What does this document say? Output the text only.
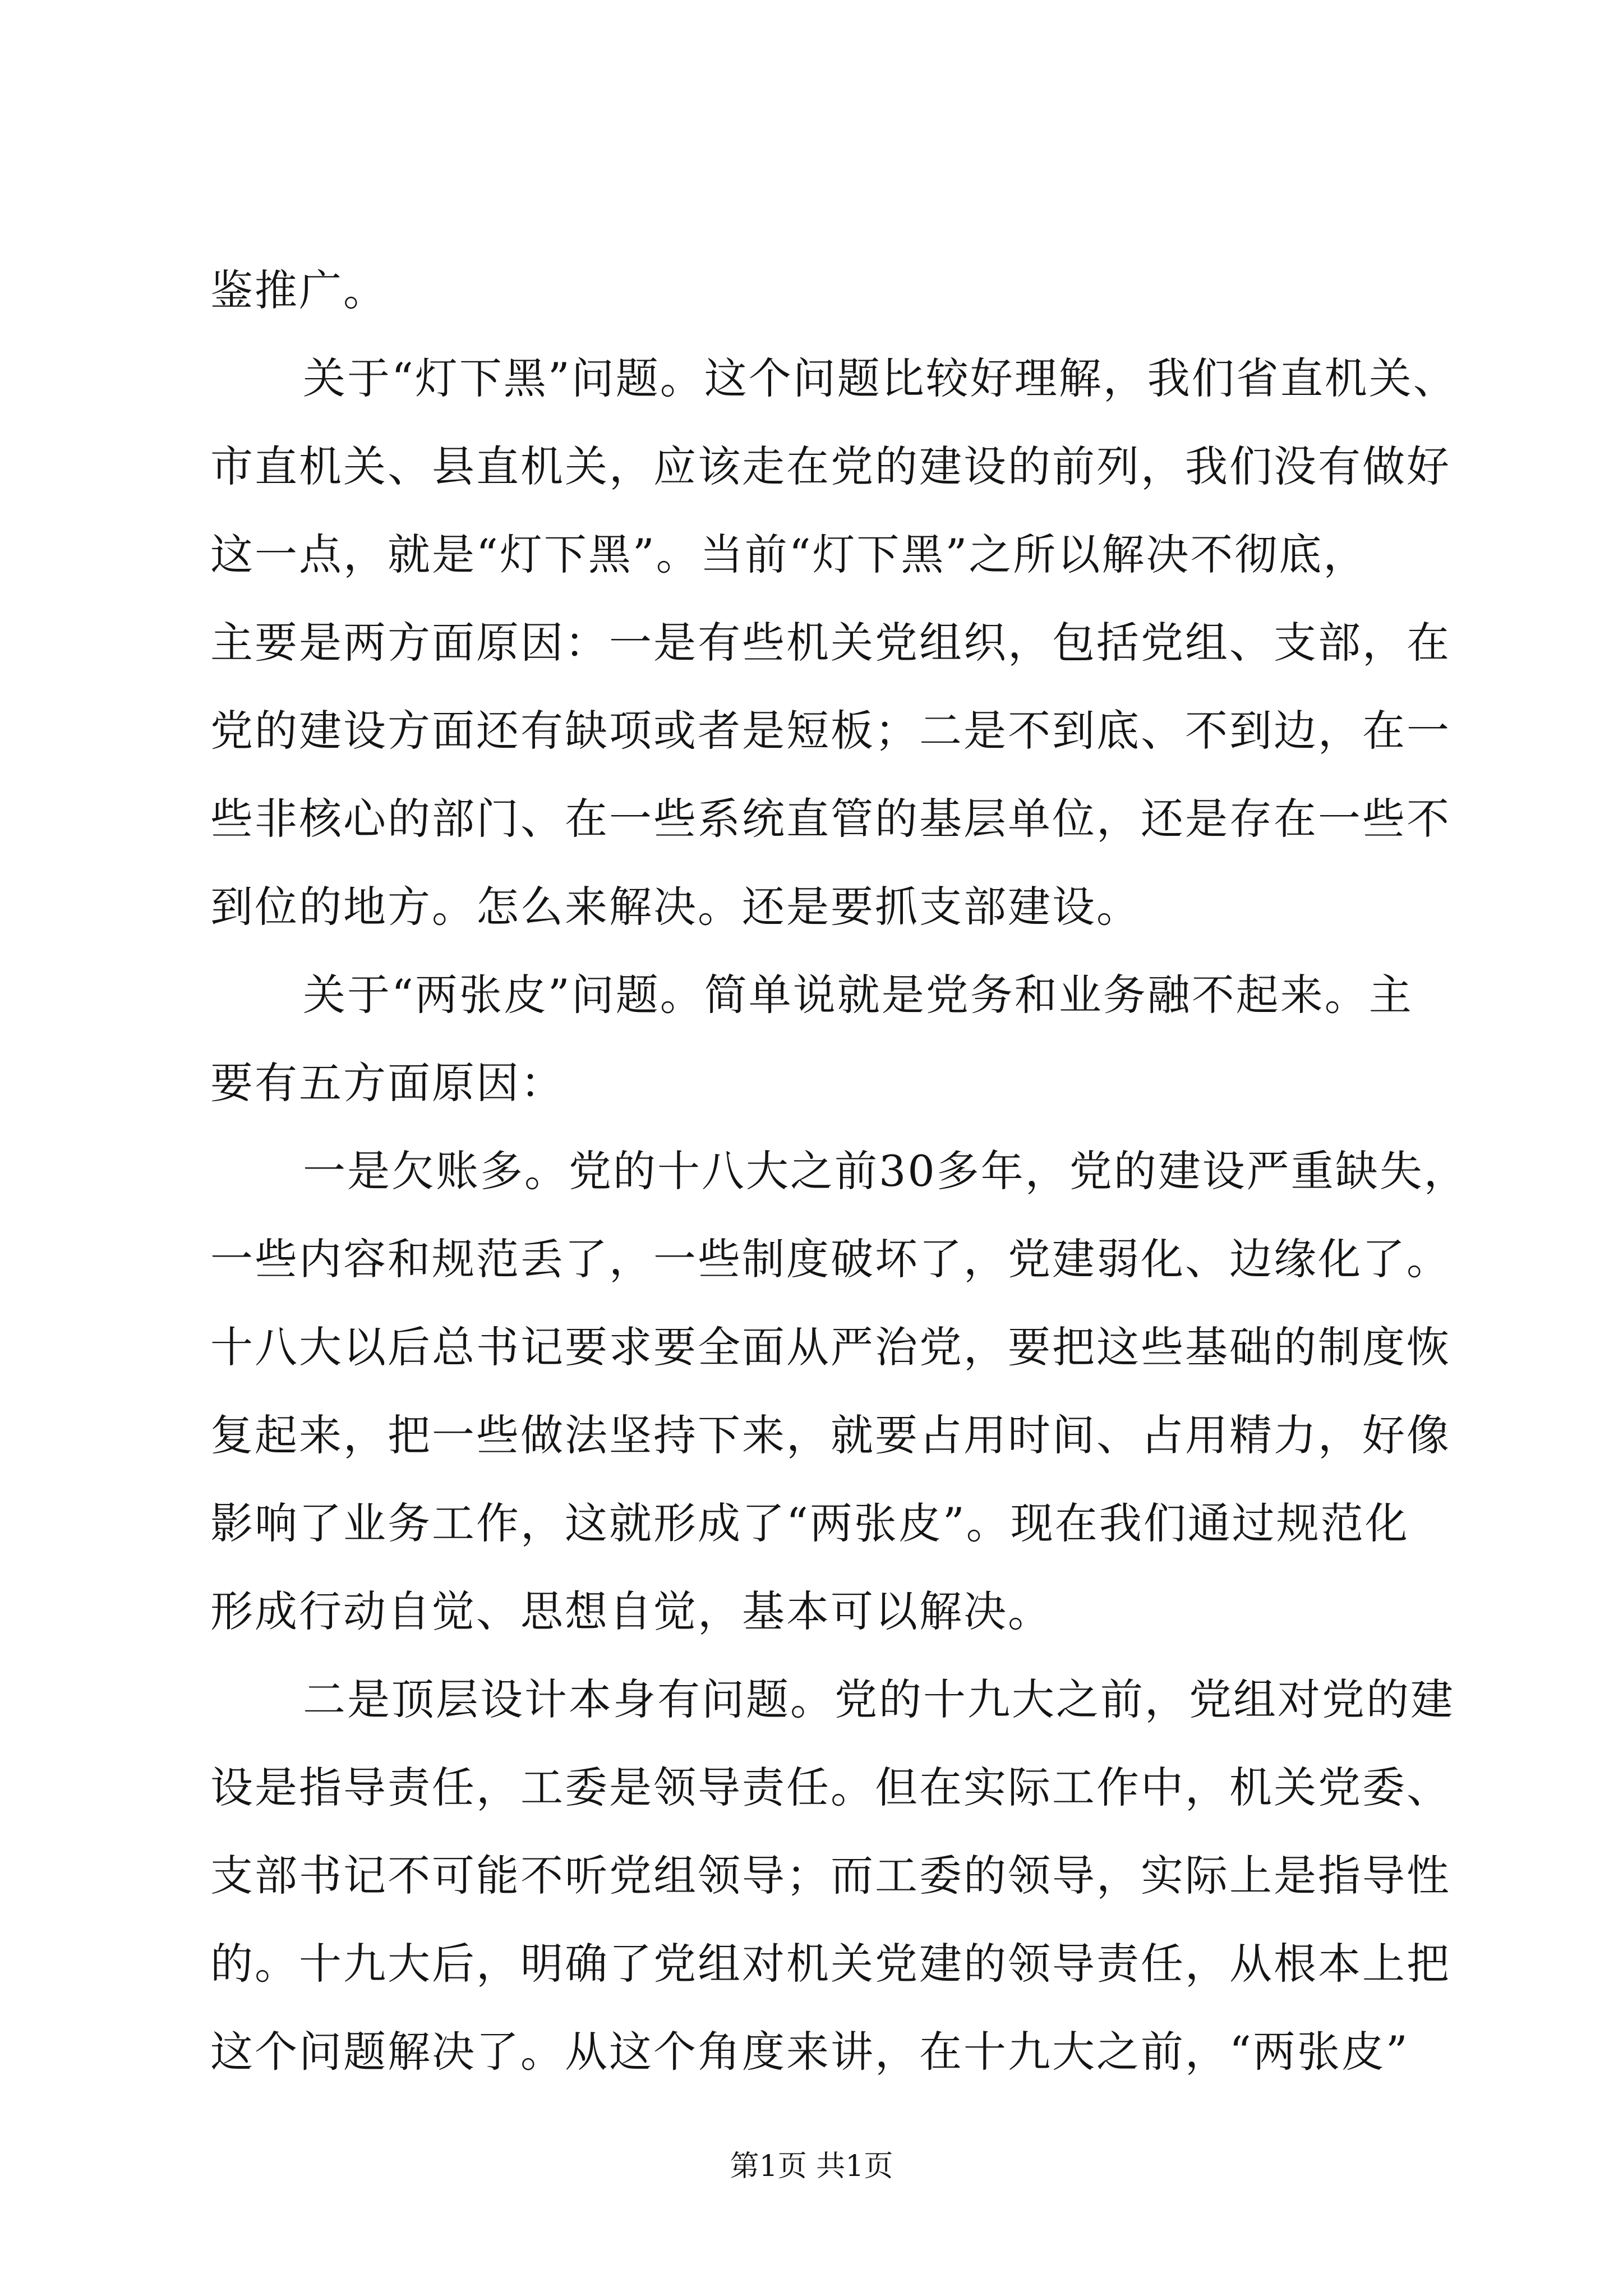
鉴推广。
关于“灯下黑”问题。这个问题比较好理解，我们省直机关、
市直机关、县直机关，应该走在党的建设的前列，我们没有做好
这一点，就是“灯下黑”。当前“灯下黑”之所以解决不彻底，
主要是两方面原因：一是有些机关党组织，包括党组、支部，在
党的建设方面还有缺项或者是短板；二是不到底、不到边，在一
些非核心的部门、在一些系统直管的基层单位，还是存在一些不
到位的地方。怎么来解决。还是要抓支部建设。
关于“两张皮”问题。简单说就是党务和业务融不起来。主
要有五方面原因：
一是欠账多。党的十八大之前30多年，党的建设严重缺失，
一些内容和规范丢了，一些制度破坏了，党建弱化、边缘化了。
十八大以后总书记要求要全面从严治党，要把这些基础的制度恢
复起来，把一些做法坚持下来，就要占用时间、占用精力，好像
影响了业务工作，这就形成了“两张皮”。现在我们通过规范化
形成行动自觉、思想自觉，基本可以解决。
二是顶层设计本身有问题。党的十九大之前，党组对党的建
设是指导责任，工委是领导责任。但在实际工作中，机关党委、
支部书记不可能不听党组领导；而工委的领导，实际上是指导性
的。十九大后，明确了党组对机关党建的领导责任，从根本上把
这个问题解决了。从这个角度来讲，在十九大之前，“两张皮”
第1页 共1页
